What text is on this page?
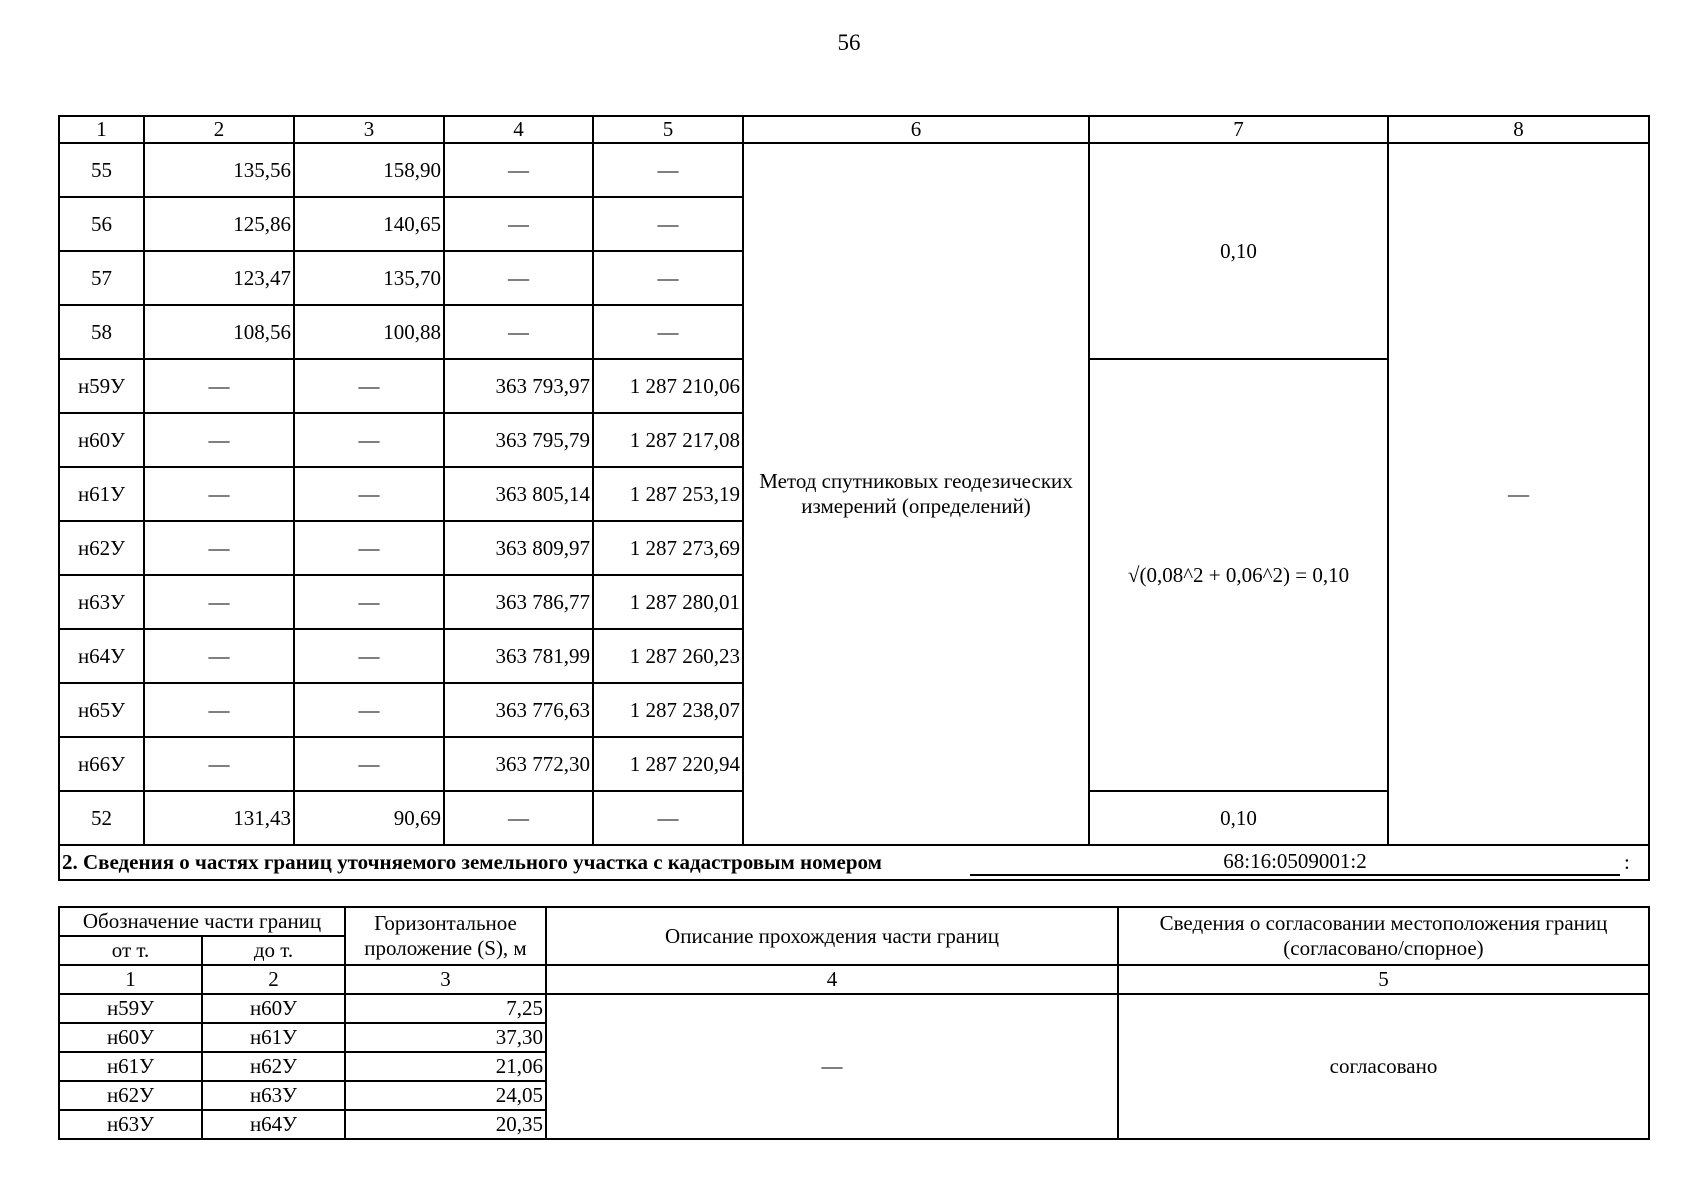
56
1	2	3	4	5	6	7	8
55	135,56	158,90	—	—	Метод спутниковых геодезических измерений (определений)	0,10	—
56	125,86	140,65	—	—			
57	123,47	135,70	—	—			
58	108,56	100,88	—	—			
н59У	—	—	363 793,97	1 287 210,06		√(0,08^2 + 0,06^2) = 0,10	
н60У	—	—	363 795,79	1 287 217,08			
н61У	—	—	363 805,14	1 287 253,19			
н62У	—	—	363 809,97	1 287 273,69			
н63У	—	—	363 786,77	1 287 280,01			
н64У	—	—	363 781,99	1 287 260,23			
н65У	—	—	363 776,63	1 287 238,07			
н66У	—	—	363 772,30	1 287 220,94			
52	131,43	90,69	—	—		0,10	

2. Сведения о частях границ уточняемого земельного участка с кадастровым номером 68:16:0509001:2 :							
Обозначение части границ		Горизонтальное проложение (S), м	Описание прохождения части границ	Сведения о согласовании местоположения границ (согласовано/спорное)
от т.	до т.			
1	2	3	4	5
н59У	н60У	7,25	—	согласовано
н60У	н61У	37,30		
н61У	н62У	21,06		
н62У	н63У	24,05		
н63У	н64У	20,35		
